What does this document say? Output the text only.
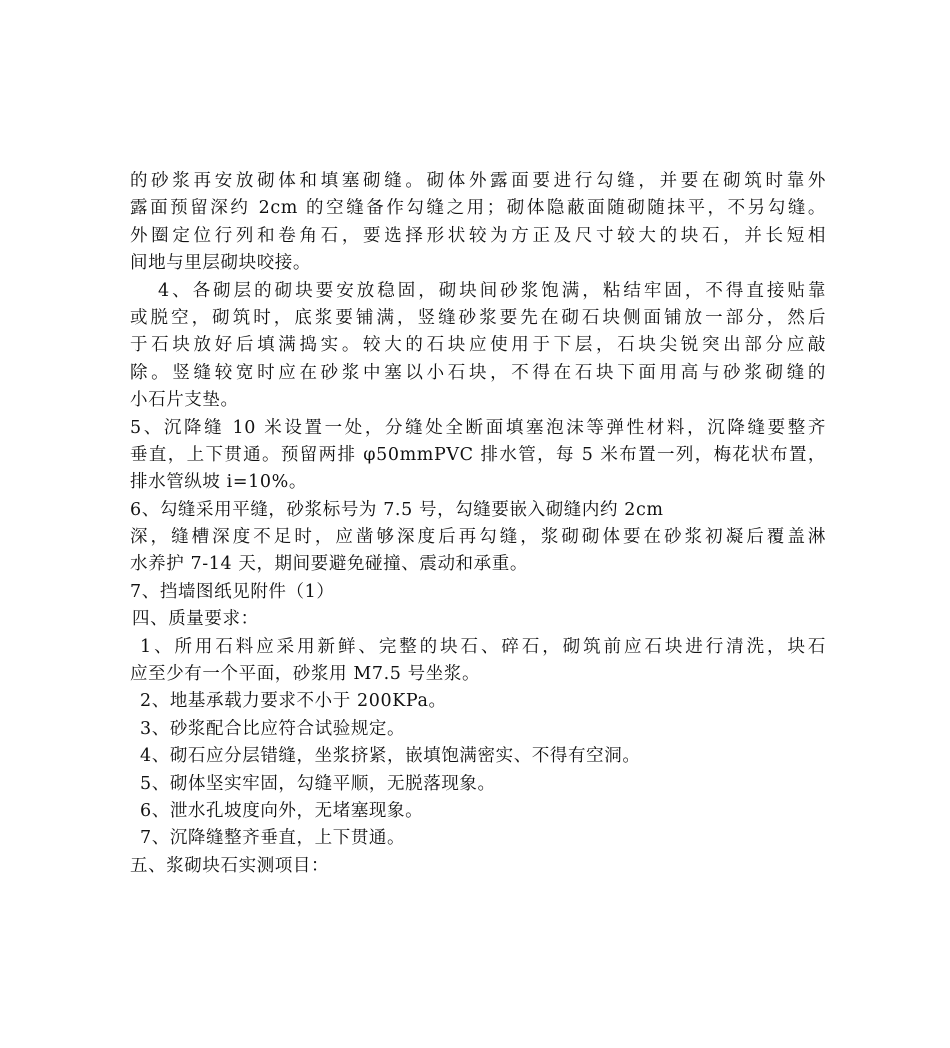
的砂浆再安放砌体和填塞砌缝。砌体外露面要进行勾缝，并要在砌筑时靠外
露面预留深约 2cm 的空缝备作勾缝之用；砌体隐蔽面随砌随抹平，不另勾缝。
外圈定位行列和卷角石，要选择形状较为方正及尺寸较大的块石，并长短相
间地与里层砌块咬接。
4、各砌层的砌块要安放稳固，砌块间砂浆饱满，粘结牢固，不得直接贴靠
或脱空，砌筑时，底浆要铺满，竖缝砂浆要先在砌石块侧面铺放一部分，然后
于石块放好后填满捣实。较大的石块应使用于下层，石块尖锐突出部分应敲
除。竖缝较宽时应在砂浆中塞以小石块，不得在石块下面用高与砂浆砌缝的
小石片支垫。
5、沉降缝 10 米设置一处，分缝处全断面填塞泡沫等弹性材料，沉降缝要整齐
垂直，上下贯通。预留两排 φ50mmPVC 排水管，每 5 米布置一列，梅花状布置，
排水管纵坡 i=10%。
6、勾缝采用平缝，砂浆标号为 7.5 号，勾缝要嵌入砌缝内约 2cm
深，缝槽深度不足时，应凿够深度后再勾缝，浆砌砌体要在砂浆初凝后覆盖淋
水养护 7-14 天，期间要避免碰撞、震动和承重。
7、挡墙图纸见附件（1）
四、质量要求：
1、所用石料应采用新鲜、完整的块石、碎石，砌筑前应石块进行清洗，块石
应至少有一个平面，砂浆用 M7.5 号坐浆。
2、地基承载力要求不小于 200KPa。
3、砂浆配合比应符合试验规定。
4、砌石应分层错缝，坐浆挤紧，嵌填饱满密实、不得有空洞。
5、砌体坚实牢固，勾缝平顺，无脱落现象。
6、泄水孔坡度向外，无堵塞现象。
7、沉降缝整齐垂直，上下贯通。
五、浆砌块石实测项目：
